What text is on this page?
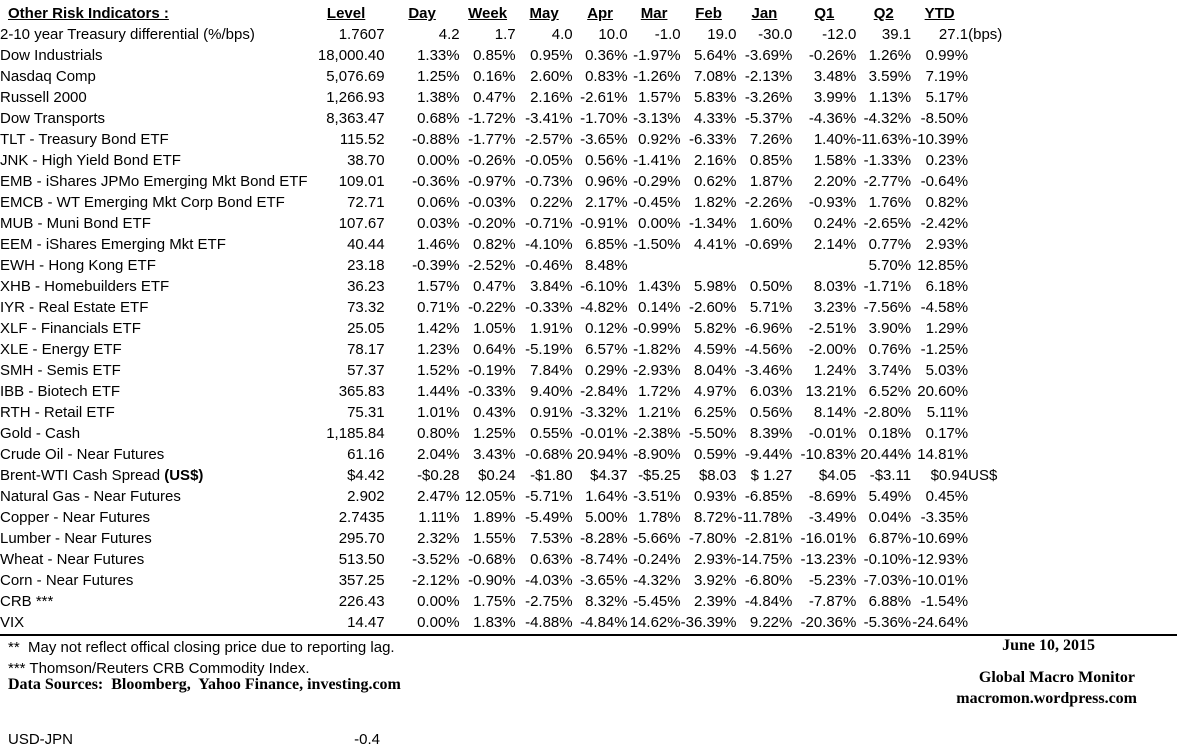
Other Risk Indicators :	Level	Day	Week	May	Apr	Mar	Feb	Jan	Q1	Q2	YTD	
2-10 year Treasury differential (%/bps)	1.7607	4.2	1.7	4.0	10.0	-1.0	19.0	-30.0	-12.0	39.1	27.1	(bps)
Dow Industrials	18,000.40	1.33%	0.85%	0.95%	0.36%	-1.97%	5.64%	-3.69%	-0.26%	1.26%	0.99%	
Nasdaq Comp	5,076.69	1.25%	0.16%	2.60%	0.83%	-1.26%	7.08%	-2.13%	3.48%	3.59%	7.19%	
Russell 2000	1,266.93	1.38%	0.47%	2.16%	-2.61%	1.57%	5.83%	-3.26%	3.99%	1.13%	5.17%	
Dow Transports	8,363.47	0.68%	-1.72%	-3.41%	-1.70%	-3.13%	4.33%	-5.37%	-4.36%	-4.32%	-8.50%	
TLT - Treasury Bond ETF	115.52	-0.88%	-1.77%	-2.57%	-3.65%	0.92%	-6.33%	7.26%	1.40%	-11.63%	-10.39%	
JNK - High Yield Bond ETF	38.70	0.00%	-0.26%	-0.05%	0.56%	-1.41%	2.16%	0.85%	1.58%	-1.33%	0.23%	
EMB - iShares JPMo Emerging Mkt Bond ETF	109.01	-0.36%	-0.97%	-0.73%	0.96%	-0.29%	0.62%	1.87%	2.20%	-2.77%	-0.64%	
EMCB - WT Emerging Mkt Corp Bond ETF	72.71	0.06%	-0.03%	0.22%	2.17%	-0.45%	1.82%	-2.26%	-0.93%	1.76%	0.82%	
MUB - Muni Bond ETF	107.67	0.03%	-0.20%	-0.71%	-0.91%	0.00%	-1.34%	1.60%	0.24%	-2.65%	-2.42%	
EEM - iShares Emerging Mkt ETF	40.44	1.46%	0.82%	-4.10%	6.85%	-1.50%	4.41%	-0.69%	2.14%	0.77%	2.93%	
EWH - Hong Kong ETF	23.18	-0.39%	-2.52%	-0.46%	8.48%					5.70%	12.85%	
XHB - Homebuilders ETF	36.23	1.57%	0.47%	3.84%	-6.10%	1.43%	5.98%	0.50%	8.03%	-1.71%	6.18%	
IYR - Real Estate ETF	73.32	0.71%	-0.22%	-0.33%	-4.82%	0.14%	-2.60%	5.71%	3.23%	-7.56%	-4.58%	
XLF - Financials ETF	25.05	1.42%	1.05%	1.91%	0.12%	-0.99%	5.82%	-6.96%	-2.51%	3.90%	1.29%	
XLE - Energy ETF	78.17	1.23%	0.64%	-5.19%	6.57%	-1.82%	4.59%	-4.56%	-2.00%	0.76%	-1.25%	
SMH - Semis ETF	57.37	1.52%	-0.19%	7.84%	0.29%	-2.93%	8.04%	-3.46%	1.24%	3.74%	5.03%	
IBB - Biotech ETF	365.83	1.44%	-0.33%	9.40%	-2.84%	1.72%	4.97%	6.03%	13.21%	6.52%	20.60%	
RTH - Retail ETF	75.31	1.01%	0.43%	0.91%	-3.32%	1.21%	6.25%	0.56%	8.14%	-2.80%	5.11%	
Gold - Cash	1,185.84	0.80%	1.25%	0.55%	-0.01%	-2.38%	-5.50%	8.39%	-0.01%	0.18%	0.17%	
Crude Oil - Near Futures	61.16	2.04%	3.43%	-0.68%	20.94%	-8.90%	0.59%	-9.44%	-10.83%	20.44%	14.81%	
Brent-WTI Cash Spread (US$)	$4.42	-$0.28	$0.24	-$1.80	$4.37	-$5.25	$8.03	$ 1.27	$4.05	-$3.11	$0.94	US$
Natural Gas - Near Futures	2.902	2.47%	12.05%	-5.71%	1.64%	-3.51%	0.93%	-6.85%	-8.69%	5.49%	0.45%	
Copper - Near Futures	2.7435	1.11%	1.89%	-5.49%	5.00%	1.78%	8.72%	-11.78%	-3.49%	0.04%	-3.35%	
Lumber - Near Futures	295.70	2.32%	1.55%	7.53%	-8.28%	-5.66%	-7.80%	-2.81%	-16.01%	6.87%	-10.69%	
Wheat - Near Futures	513.50	-3.52%	-0.68%	0.63%	-8.74%	-0.24%	2.93%	-14.75%	-13.23%	-0.10%	-12.93%	
Corn - Near Futures	357.25	-2.12%	-0.90%	-4.03%	-3.65%	-4.32%	3.92%	-6.80%	-5.23%	-7.03%	-10.01%	
CRB ***	226.43	0.00%	1.75%	-2.75%	8.32%	-5.45%	2.39%	-4.84%	-7.87%	6.88%	-1.54%	
VIX	14.47	0.00%	1.83%	-4.88%	-4.84%	14.62%	-36.39%	9.22%	-20.36%	-5.36%	-24.64%	
**  May not reflect offical closing price due to reporting lag.
*** Thomson/Reuters CRB Commodity Index.
Data Sources:  Bloomberg,  Yahoo Finance, investing.com
June 10, 2015
Global Macro Monitor
macromon.wordpress.com
USD-JPN	-0.4
